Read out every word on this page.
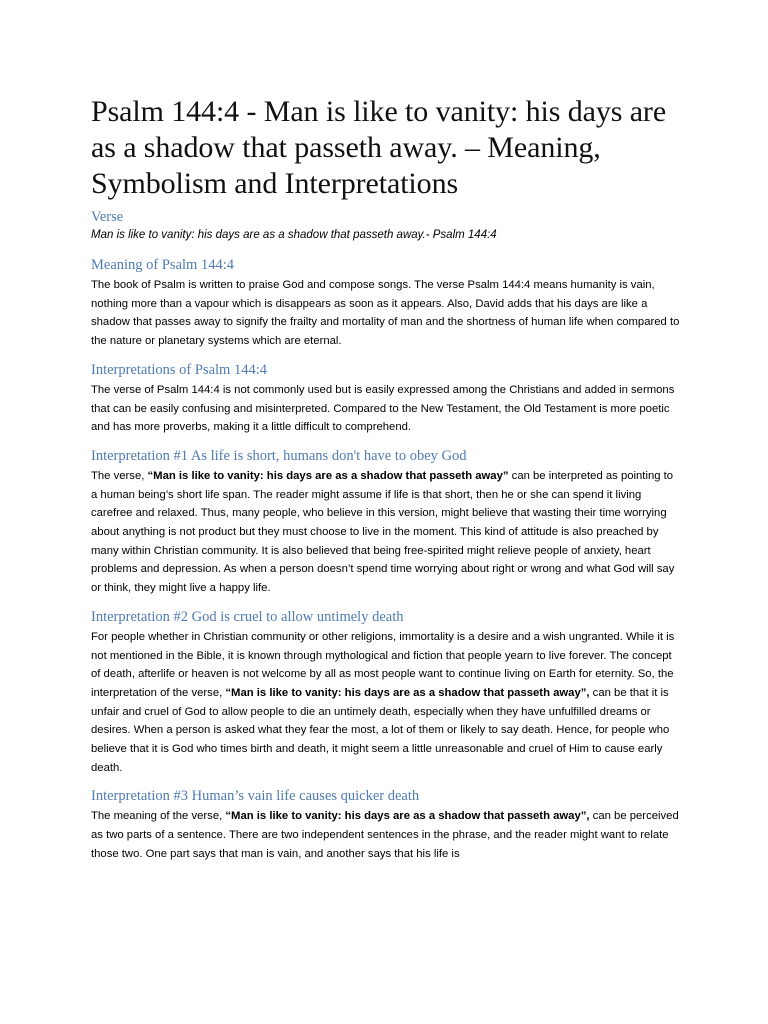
Psalm 144:4 - Man is like to vanity: his days are as a shadow that passeth away. – Meaning, Symbolism and Interpretations
Verse

Man is like to vanity: his days are as a shadow that passeth away.- Psalm 144:4

Meaning of Psalm 144:4

The book of Psalm is written to praise God and compose songs. The verse Psalm 144:4 means humanity is vain, nothing more than a vapour which is disappears as soon as it appears. Also, David adds that his days are like a shadow that passes away to signify the frailty and mortality of man and the shortness of human life when compared to the nature or planetary systems which are eternal.

Interpretations of Psalm 144:4

The verse of Psalm 144:4 is not commonly used but is easily expressed among the Christians and added in sermons that can be easily confusing and misinterpreted. Compared to the New Testament, the Old Testament is more poetic and has more proverbs, making it a little difficult to comprehend.

Interpretation #1 As life is short, humans don't have to obey God

The verse, “Man is like to vanity: his days are as a shadow that passeth away” can be interpreted as pointing to a human being’s short life span. The reader might assume if life is that short, then he or she can spend it living carefree and relaxed. Thus, many people, who believe in this version, might believe that wasting their time worrying about anything is not product but they must choose to live in the moment. This kind of attitude is also preached by many within Christian community. It is also believed that being free-spirited might relieve people of anxiety, heart problems and depression. As when a person doesn’t spend time worrying about right or wrong and what God will say or think, they might live a happy life.

Interpretation #2 God is cruel to allow untimely death

For people whether in Christian community or other religions, immortality is a desire and a wish ungranted. While it is not mentioned in the Bible, it is known through mythological and fiction that people yearn to live forever. The concept of death, afterlife or heaven is not welcome by all as most people want to continue living on Earth for eternity. So, the interpretation of the verse, “Man is like to vanity: his days are as a shadow that passeth away”, can be that it is unfair and cruel of God to allow people to die an untimely death, especially when they have unfulfilled dreams or desires. When a person is asked what they fear the most, a lot of them or likely to say death. Hence, for people who believe that it is God who times birth and death, it might seem a little unreasonable and cruel of Him to cause early death.

Interpretation #3 Human’s vain life causes quicker death

The meaning of the verse, “Man is like to vanity: his days are as a shadow that passeth away”, can be perceived as two parts of a sentence. There are two independent sentences in the phrase, and the reader might want to relate those two. One part says that man is vain, and another says that his life is
